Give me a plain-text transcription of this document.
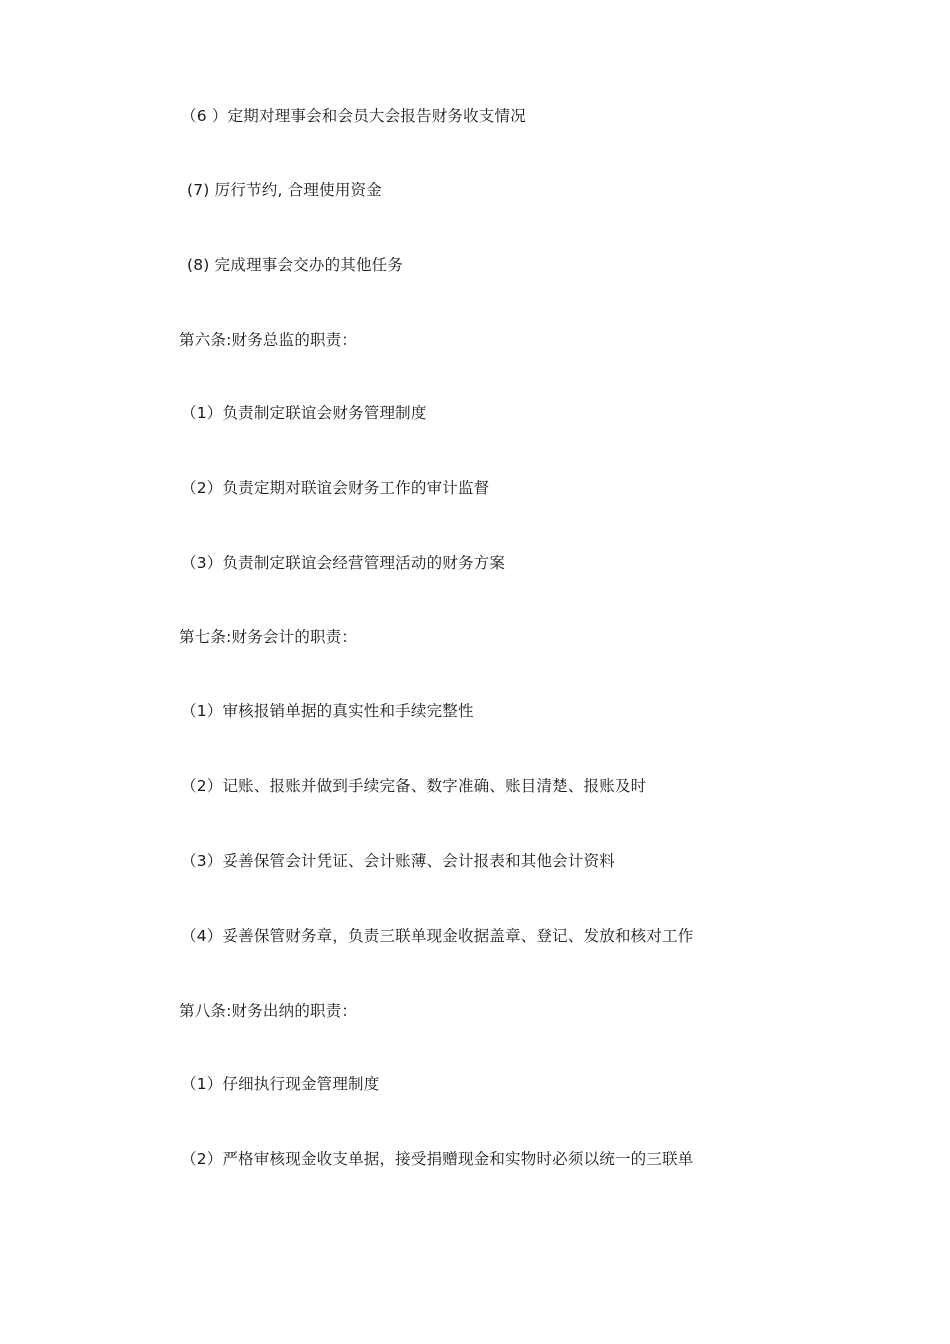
（6 ）定期对理事会和会员大会报告财务收支情况
(7) 厉行节约, 合理使用资金
(8) 完成理事会交办的其他任务
第六条:财务总监的职责：
（1）负责制定联谊会财务管理制度
（2）负责定期对联谊会财务工作的审计监督
（3）负责制定联谊会经营管理活动的财务方案
第七条:财务会计的职责：
（1）审核报销单据的真实性和手续完整性
（2）记账、报账并做到手续完备、数字准确、账目清楚、报账及时
（3）妥善保管会计凭证、会计账薄、会计报表和其他会计资料
（4）妥善保管财务章，负责三联单现金收据盖章、登记、发放和核对工作
第八条:财务出纳的职责：
（1）仔细执行现金管理制度
（2）严格审核现金收支单据，接受捐赠现金和实物时必须以统一的三联单
